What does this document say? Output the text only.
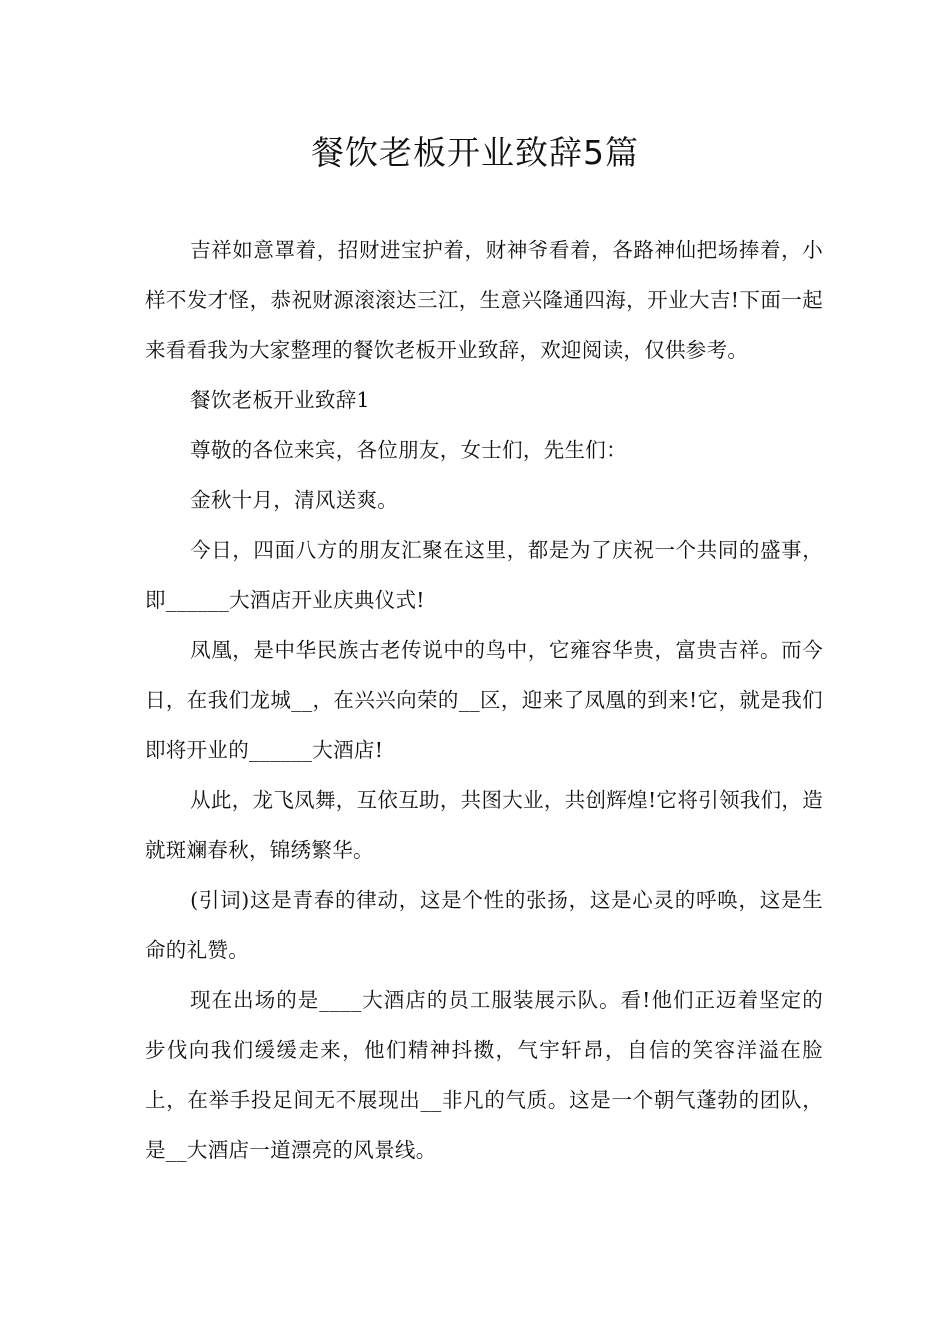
餐饮老板开业致辞5篇

吉祥如意罩着，招财进宝护着，财神爷看着，各路神仙把场捧着，小样不发才怪，恭祝财源滚滚达三江，生意兴隆通四海，开业大吉!下面一起来看看我为大家整理的餐饮老板开业致辞，欢迎阅读，仅供参考。

餐饮老板开业致辞1

尊敬的各位来宾，各位朋友，女士们，先生们：

金秋十月，清风送爽。

今日，四面八方的朋友汇聚在这里，都是为了庆祝一个共同的盛事，即______大酒店开业庆典仪式!

凤凰，是中华民族古老传说中的鸟中，它雍容华贵，富贵吉祥。而今日，在我们龙城__，在兴兴向荣的__区，迎来了凤凰的到来!它，就是我们即将开业的______大酒店!

从此，龙飞凤舞，互依互助，共图大业，共创辉煌!它将引领我们，造就斑斓春秋，锦绣繁华。

(引词)这是青春的律动，这是个性的张扬，这是心灵的呼唤，这是生命的礼赞。

现在出场的是____大酒店的员工服装展示队。看!他们正迈着坚定的步伐向我们缓缓走来，他们精神抖擞，气宇轩昂，自信的笑容洋溢在脸上，在举手投足间无不展现出__非凡的气质。这是一个朝气蓬勃的团队，是__大酒店一道漂亮的风景线。
